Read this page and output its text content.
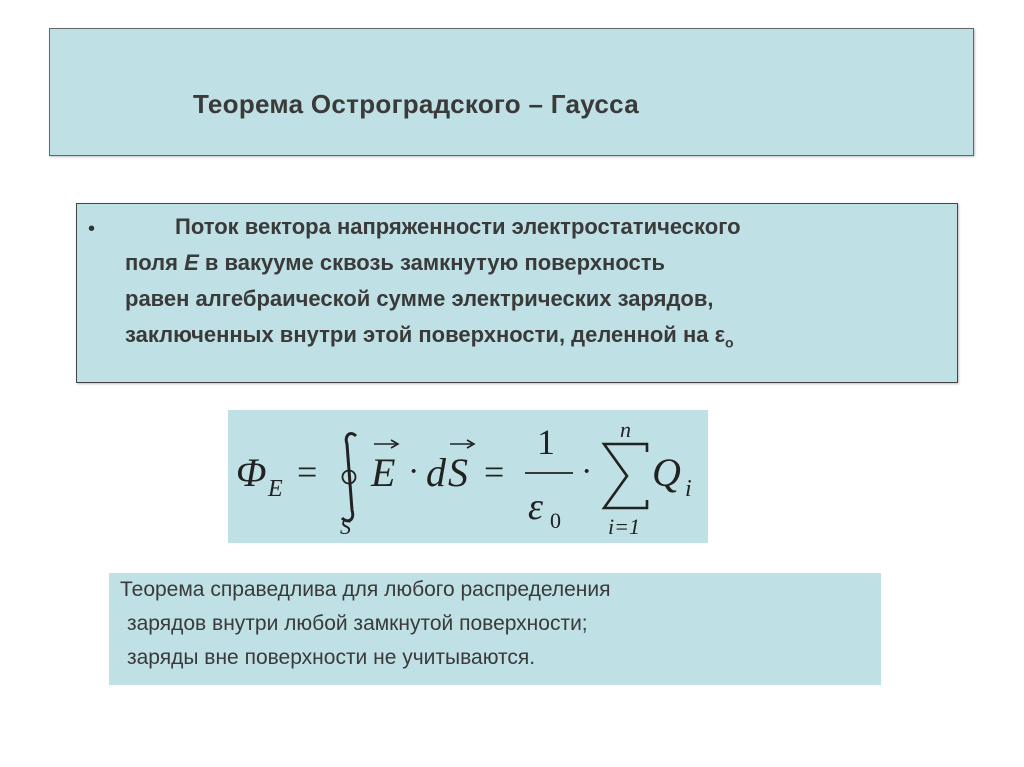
Теорема Остроградского – Гаусса
•	Поток вектора напряженности электростатического
поля E в вакууме сквозь замкнутую поверхность
равен алгебраической сумме электрических зарядов,
заключенных внутри этой поверхности, деленной на $\varepsilon_o$
Φ E =
S
E · d S =
1
ε 0
·
n
i=1
Q i
Теорема справедлива для любого распределения
зарядов внутри любой замкнутой поверхности;
заряды вне поверхности не учитываются.
